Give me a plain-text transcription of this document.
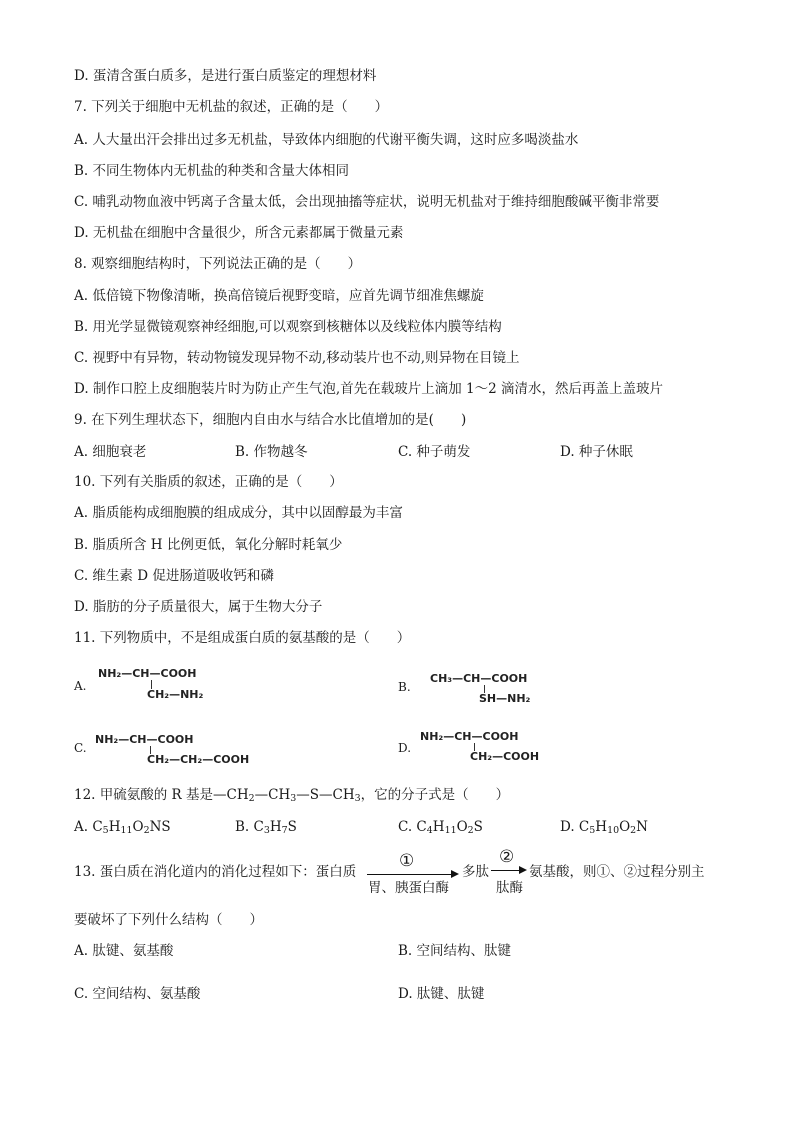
D. 蛋清含蛋白质多，是进行蛋白质鉴定的理想材料
7. 下列关于细胞中无机盐的叙述，正确的是（　　）
A. 人大量出汗会排出过多无机盐，导致体内细胞的代谢平衡失调，这时应多喝淡盐水
B. 不同生物体内无机盐的种类和含量大体相同
C. 哺乳动物血液中钙离子含量太低，会出现抽搐等症状，说明无机盐对于维持细胞酸碱平衡非常要
D. 无机盐在细胞中含量很少，所含元素都属于微量元素
8. 观察细胞结构时，下列说法正确的是（　　）
A. 低倍镜下物像清晰，换高倍镜后视野变暗，应首先调节细准焦螺旋
B. 用光学显微镜观察神经细胞,可以观察到核糖体以及线粒体内膜等结构
C. 视野中有异物，转动物镜发现异物不动,移动装片也不动,则异物在目镜上
D. 制作口腔上皮细胞装片时为防止产生气泡,首先在载玻片上滴加 1～2 滴清水，然后再盖上盖玻片
9. 在下列生理状态下，细胞内自由水与结合水比值增加的是(　　)
A. 细胞衰老	B. 作物越冬	C. 种子萌发	D. 种子休眠
10. 下列有关脂质的叙述，正确的是（　　）
A. 脂质能构成细胞膜的组成成分，其中以固醇最为丰富
B. 脂质所含 H 比例更低，氧化分解时耗氧少
C. 维生素 D 促进肠道吸收钙和磷
D. 脂肪的分子质量很大，属于生物大分子
11. 下列物质中，不是组成蛋白质的氨基酸的是（　　）
A.
NH₂—CH—COOH
CH₂—NH₂
B.
CH₃—CH—COOH
SH—NH₂
C.
NH₂—CH—COOH
CH₂—CH₂—COOH
D.
NH₂—CH—COOH
CH₂—COOH
12. 甲硫氨酸的 R 基是$—CH_2—CH_3—S—CH_3$，它的分子式是（　　）
A. $C_5H_{11}O_2NS$	B. $C_3H_7S$	C. $C_4H_{11}O_2S$	D. $C_5H_{10}O_2N$
13. 蛋白质在消化道内的消化过程如下：蛋白质
①
胃、胰蛋白酶
多肽
②
肽酶
氨基酸，则①、②过程分别主
要破坏了下列什么结构（　　）
A. 肽键、氨基酸	B. 空间结构、肽键
C. 空间结构、氨基酸	D. 肽键、肽键
